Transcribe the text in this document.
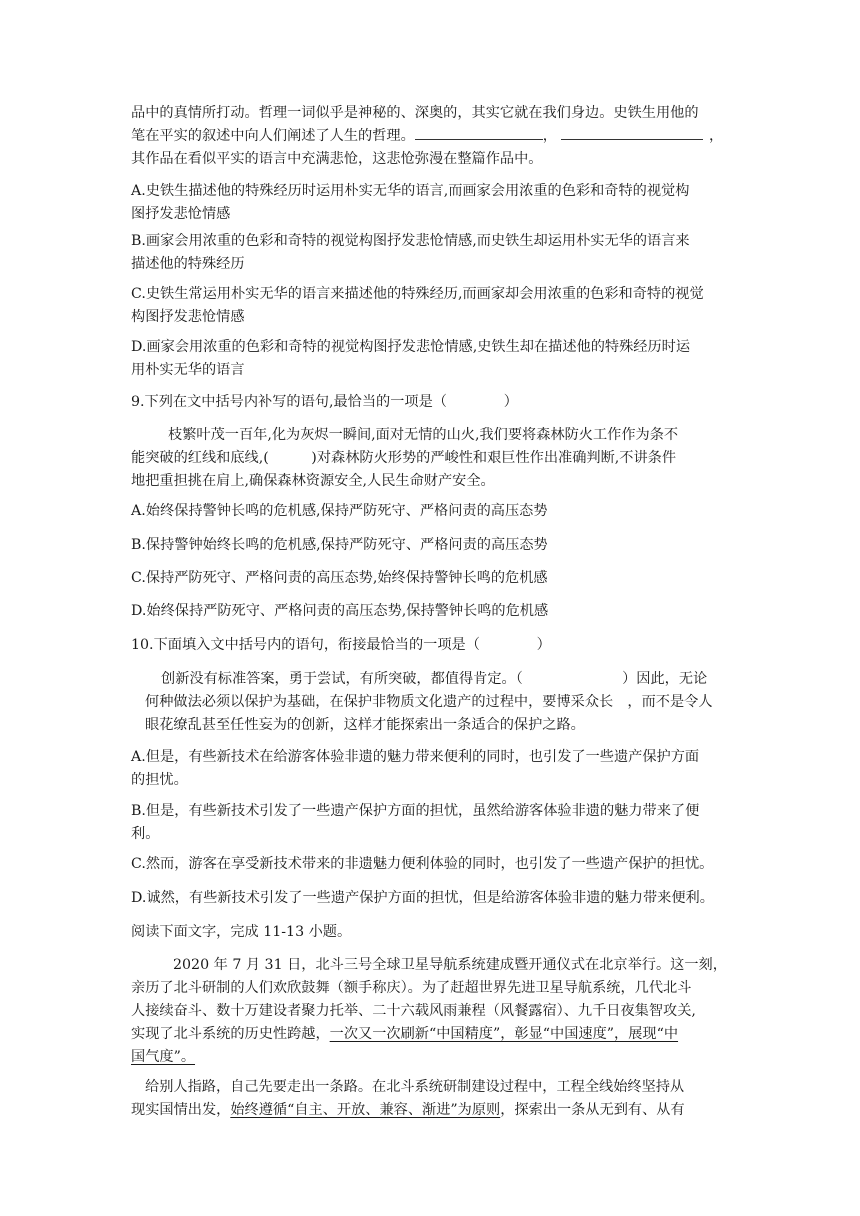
品中的真情所打动。哲理一词似乎是神秘的、深奥的，其实它就在我们身边。史铁生用他的
笔在平实的叙述中向人们阐述了人生的哲理。	，	，
其作品在看似平实的语言中充满悲怆，这悲怆弥漫在整篇作品中。
A.史铁生描述他的特殊经历时运用朴实无华的语言,而画家会用浓重的色彩和奇特的视觉构
图抒发悲怆情感
B.画家会用浓重的色彩和奇特的视觉构图抒发悲怆情感,而史铁生却运用朴实无华的语言来
描述他的特殊经历
C.史铁生常运用朴实无华的语言来描述他的特殊经历,而画家却会用浓重的色彩和奇特的视觉
构图抒发悲怆情感
D.画家会用浓重的色彩和奇特的视觉构图抒发悲怆情感,史铁生却在描述他的特殊经历时运
用朴实无华的语言
9.下列在文中括号内补写的语句,最恰当的一项是（　　　　）
枝繁叶茂一百年,化为灰烬一瞬间,面对无情的山火,我们要将森林防火工作作为条不
能突破的红线和底线,(　　　)对森林防火形势的严峻性和艰巨性作出准确判断,不讲条件
地把重担挑在肩上,确保森林资源安全,人民生命财产安全。
A.始终保持警钟长鸣的危机感,保持严防死守、严格问责的高压态势
B.保持警钟始终长鸣的危机感,保持严防死守、严格问责的高压态势
C.保持严防死守、严格问责的高压态势,始终保持警钟长鸣的危机感
D.始终保持严防死守、严格问责的高压态势,保持警钟长鸣的危机感
10.下面填入文中括号内的语句，衔接最恰当的一项是（　　　　）
创新没有标准答案，勇于尝试，有所突破，都值得肯定。（　　　　　　　）因此，无论
何种做法必须以保护为基础，在保护非物质文化遗产的过程中，要博采众长　，而不是令人
眼花缭乱甚至任性妄为的创新，这样才能探索出一条适合的保护之路。
A.但是，有些新技术在给游客体验非遗的魅力带来便利的同时，也引发了一些遗产保护方面
的担忧。
B.但是，有些新技术引发了一些遗产保护方面的担忧，虽然给游客体验非遗的魅力带来了便
利。
C.然而，游客在享受新技术带来的非遗魅力便利体验的同时，也引发了一些遗产保护的担忧。
D.诚然，有些新技术引发了一些遗产保护方面的担忧，但是给游客体验非遗的魅力带来便利。
阅读下面文字，完成 11-13 小题。
2020 年 7 月 31 日，北斗三号全球卫星导航系统建成暨开通仪式在北京举行。这一刻，
亲历了北斗研制的人们欢欣鼓舞（额手称庆）。为了赶超世界先进卫星导航系统，几代北斗
人接续奋斗、数十万建设者聚力托举、二十六载风雨兼程（风餐露宿）、九千日夜集智攻关,
实现了北斗系统的历史性跨越，一次又一次刷新“中国精度”，彰显“中国速度”，展现“中
国气度”。
给别人指路，自己先要走出一条路。在北斗系统研制建设过程中，工程全线始终坚持从
现实国情出发，始终遵循“自主、开放、兼容、渐进”为原则，探索出一条从无到有、从有
